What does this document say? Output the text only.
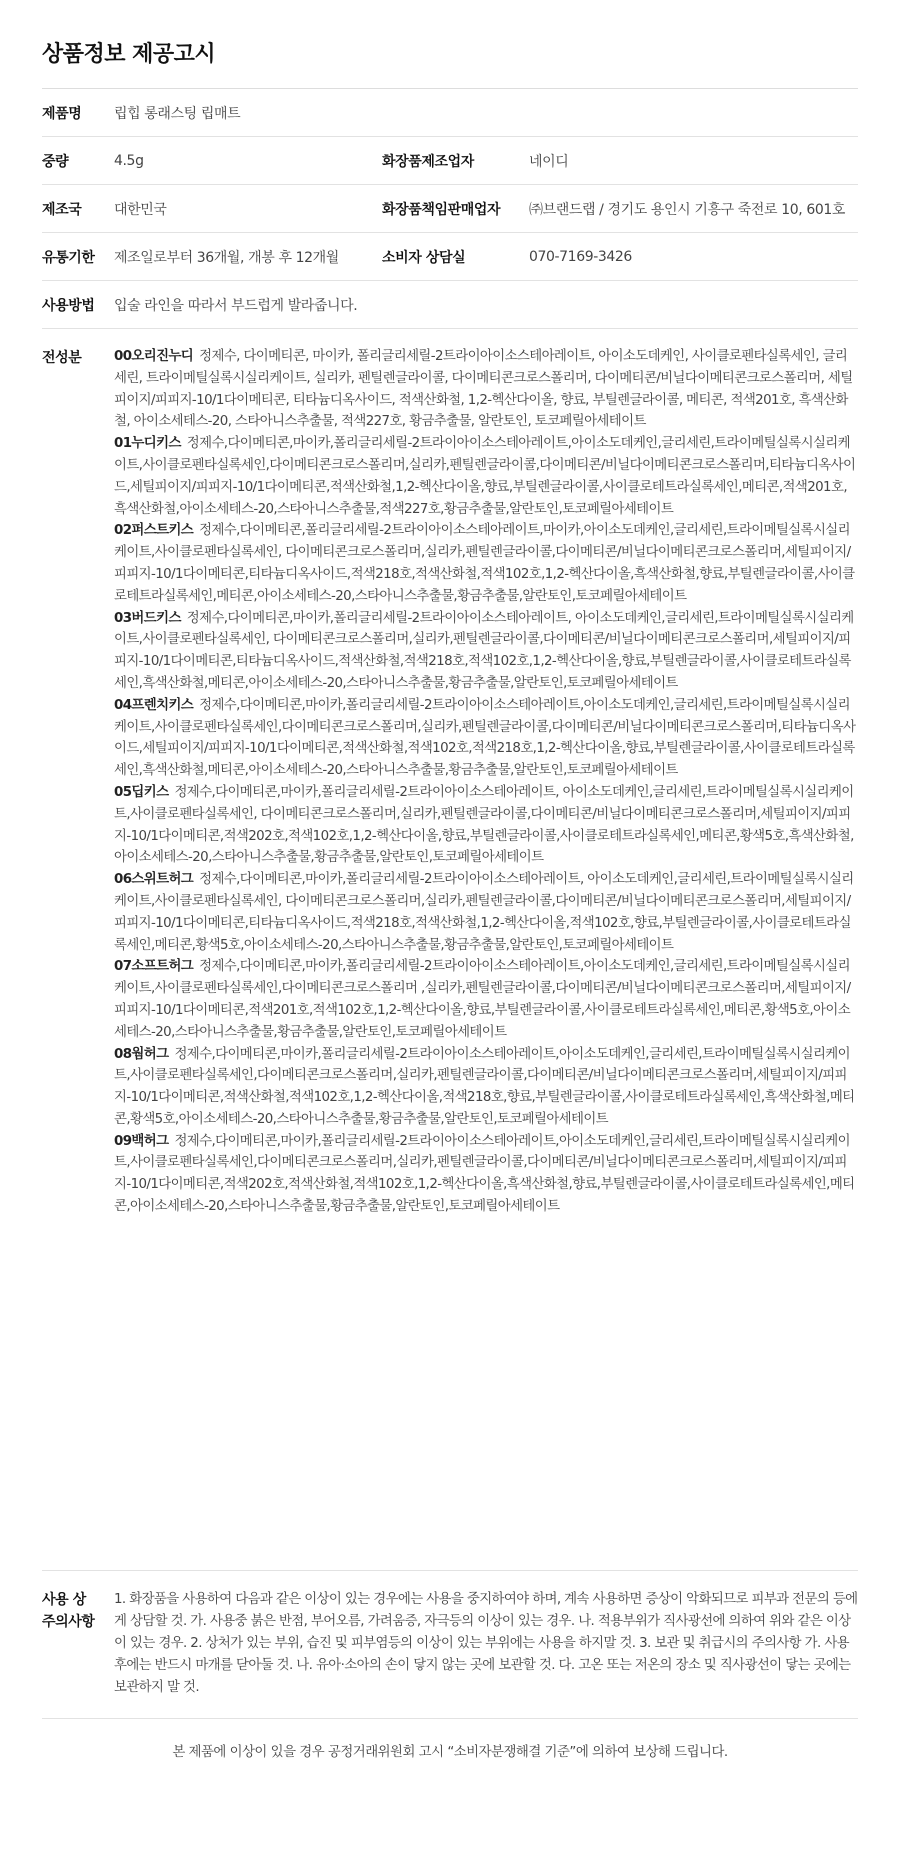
상품정보 제공고시
제품명	립힙 롱래스팅 립매트
중량	4.5g	화장품제조업자	네이디
제조국	대한민국	화장품책임판매업자	㈜브랜드랩 / 경기도 용인시 기흥구 죽전로 10, 601호
유통기한	제조일로부터 36개월, 개봉 후 12개월	소비자 상담실	070-7169-3426
사용방법	입술 라인을 따라서 부드럽게 발라줍니다.
전성분	00오리진누디 정제수, 다이메티콘, 마이카, 폴리글리세릴-2트라이아이소스테아레이트, 아이소도데케인, 사이클로펜타실록세인, 글리세린, 트라이메틸실록시실리케이트, 실리카, 펜틸렌글라이콜, 다이메티콘크로스폴리머, 다이메티콘/비닐다이메티콘크로스폴리머, 세틸피이지/피피지-10/1다이메티콘, 티타늄디옥사이드, 적색산화철, 1,2-헥산다이올, 향료, 부틸렌글라이콜, 메티콘, 적색201호, 흑색산화철, 아이소세테스-20, 스타아니스추출물, 적색227호, 황금추출물, 알란토인, 토코페릴아세테이트
01누디키스 정제수,다이메티콘,마이카,폴리글리세릴-2트라이아이소스테아레이트,아이소도데케인,글리세린,트라이메틸실록시실리케이트,사이클로펜타실록세인,다이메티콘크로스폴리머,실리카,펜틸렌글라이콜,다이메티콘/비닐다이메티콘크로스폴리머,티타늄디옥사이드,세틸피이지/피피지-10/1다이메티콘,적색산화철,1,2-헥산다이올,향료,부틸렌글라이콜,사이클로테트라실록세인,메티콘,적색201호,흑색산화철,아이소세테스-20,스타아니스추출물,적색227호,황금추출물,알란토인,토코페릴아세테이트
02퍼스트키스 정제수,다이메티콘,폴리글리세릴-2트라이아이소스테아레이트,마이카,아이소도데케인,글리세린,트라이메틸실록시실리케이트,사이클로펜타실록세인, 다이메티콘크로스폴리머,실리카,펜틸렌글라이콜,다이메티콘/비닐다이메티콘크로스폴리머,세틸피이지/피피지-10/1다이메티콘,티타늄디옥사이드,적색218호,적색산화철,적색102호,1,2-헥산다이올,흑색산화철,향료,부틸렌글라이콜,사이클로테트라실록세인,메티콘,아이소세테스-20,스타아니스추출물,황금추출물,알란토인,토코페릴아세테이트
03버드키스 정제수,다이메티콘,마이카,폴리글리세릴-2트라이아이소스테아레이트, 아이소도데케인,글리세린,트라이메틸실록시실리케이트,사이클로펜타실록세인, 다이메티콘크로스폴리머,실리카,펜틸렌글라이콜,다이메티콘/비닐다이메티콘크로스폴리머,세틸피이지/피피지-10/1다이메티콘,티타늄디옥사이드,적색산화철,적색218호,적색102호,1,2-헥산다이올,향료,부틸렌글라이콜,사이클로테트라실록세인,흑색산화철,메티콘,아이소세테스-20,스타아니스추출물,황금추출물,알란토인,토코페릴아세테이트
04프렌치키스 정제수,다이메티콘,마이카,폴리글리세릴-2트라이아이소스테아레이트,아이소도데케인,글리세린,트라이메틸실록시실리케이트,사이클로펜타실록세인,다이메티콘크로스폴리머,실리카,펜틸렌글라이콜,다이메티콘/비닐다이메티콘크로스폴리머,티타늄디옥사이드,세틸피이지/피피지-10/1다이메티콘,적색산화철,적색102호,적색218호,1,2-헥산다이올,향료,부틸렌글라이콜,사이클로테트라실록세인,흑색산화철,메티콘,아이소세테스-20,스타아니스추출물,황금추출물,알란토인,토코페릴아세테이트
05딥키스 정제수,다이메티콘,마이카,폴리글리세릴-2트라이아이소스테아레이트, 아이소도데케인,글리세린,트라이메틸실록시실리케이트,사이클로펜타실록세인, 다이메티콘크로스폴리머,실리카,펜틸렌글라이콜,다이메티콘/비닐다이메티콘크로스폴리머,세틸피이지/피피지-10/1다이메티콘,적색202호,적색102호,1,2-헥산다이올,향료,부틸렌글라이콜,사이클로테트라실록세인,메티콘,황색5호,흑색산화철,아이소세테스-20,스타아니스추출물,황금추출물,알란토인,토코페릴아세테이트
06스위트허그 정제수,다이메티콘,마이카,폴리글리세릴-2트라이아이소스테아레이트, 아이소도데케인,글리세린,트라이메틸실록시실리케이트,사이클로펜타실록세인, 다이메티콘크로스폴리머,실리카,펜틸렌글라이콜,다이메티콘/비닐다이메티콘크로스폴리머,세틸피이지/피피지-10/1다이메티콘,티타늄디옥사이드,적색218호,적색산화철,1,2-헥산다이올,적색102호,향료,부틸렌글라이콜,사이클로테트라실록세인,메티콘,황색5호,아이소세테스-20,스타아니스추출물,황금추출물,알란토인,토코페릴아세테이트
07소프트허그 정제수,다이메티콘,마이카,폴리글리세릴-2트라이아이소스테아레이트,아이소도데케인,글리세린,트라이메틸실록시실리케이트,사이클로펜타실록세인,다이메티콘크로스폴리머 ,실리카,펜틸렌글라이콜,다이메티콘/비닐다이메티콘크로스폴리머,세틸피이지/피피지-10/1다이메티콘,적색201호,적색102호,1,2-헥산다이올,향료,부틸렌글라이콜,사이클로테트라실록세인,메티콘,황색5호,아이소세테스-20,스타아니스추출물,황금추출물,알란토인,토코페릴아세테이트
08웜허그 정제수,다이메티콘,마이카,폴리글리세릴-2트라이아이소스테아레이트,아이소도데케인,글리세린,트라이메틸실록시실리케이트,사이클로펜타실록세인,다이메티콘크로스폴리머,실리카,펜틸렌글라이콜,다이메티콘/비닐다이메티콘크로스폴리머,세틸피이지/피피지-10/1다이메티콘,적색산화철,적색102호,1,2-헥산다이올,적색218호,향료,부틸렌글라이콜,사이클로테트라실록세인,흑색산화철,메티콘,황색5호,아이소세테스-20,스타아니스추출물,황금추출물,알란토인,토코페릴아세테이트
09백허그 정제수,다이메티콘,마이카,폴리글리세릴-2트라이아이소스테아레이트,아이소도데케인,글리세린,트라이메틸실록시실리케이트,사이클로펜타실록세인,다이메티콘크로스폴리머,실리카,펜틸렌글라이콜,다이메티콘/비닐다이메티콘크로스폴리머,세틸피이지/피피지-10/1다이메티콘,적색202호,적색산화철,적색102호,1,2-헥산다이올,흑색산화철,향료,부틸렌글라이콜,사이클로테트라실록세인,메티콘,아이소세테스-20,스타아니스추출물,황금추출물,알란토인,토코페릴아세테이트
사용 상
주의사항
1. 화장품을 사용하여 다음과 같은 이상이 있는 경우에는 사용을 중지하여야 하며, 계속 사용하면 증상이 악화되므로 피부과 전문의 등에게 상담할 것. 가. 사용중 붉은 반점, 부어오름, 가려움증, 자극등의 이상이 있는 경우. 나. 적용부위가 직사광선에 의하여 위와 같은 이상이 있는 경우. 2. 상처가 있는 부위, 습진 및 피부염등의 이상이 있는 부위에는 사용을 하지말 것. 3. 보관 및 취급시의 주의사항 가. 사용후에는 반드시 마개를 닫아둘 것. 나. 유아·소아의 손이 닿지 않는 곳에 보관할 것. 다. 고온 또는 저온의 장소 및 직사광선이 닿는 곳에는 보관하지 말 것.
본 제품에 이상이 있을 경우 공정거래위원회 고시 “소비자분쟁해결 기준”에 의하여 보상해 드립니다.
